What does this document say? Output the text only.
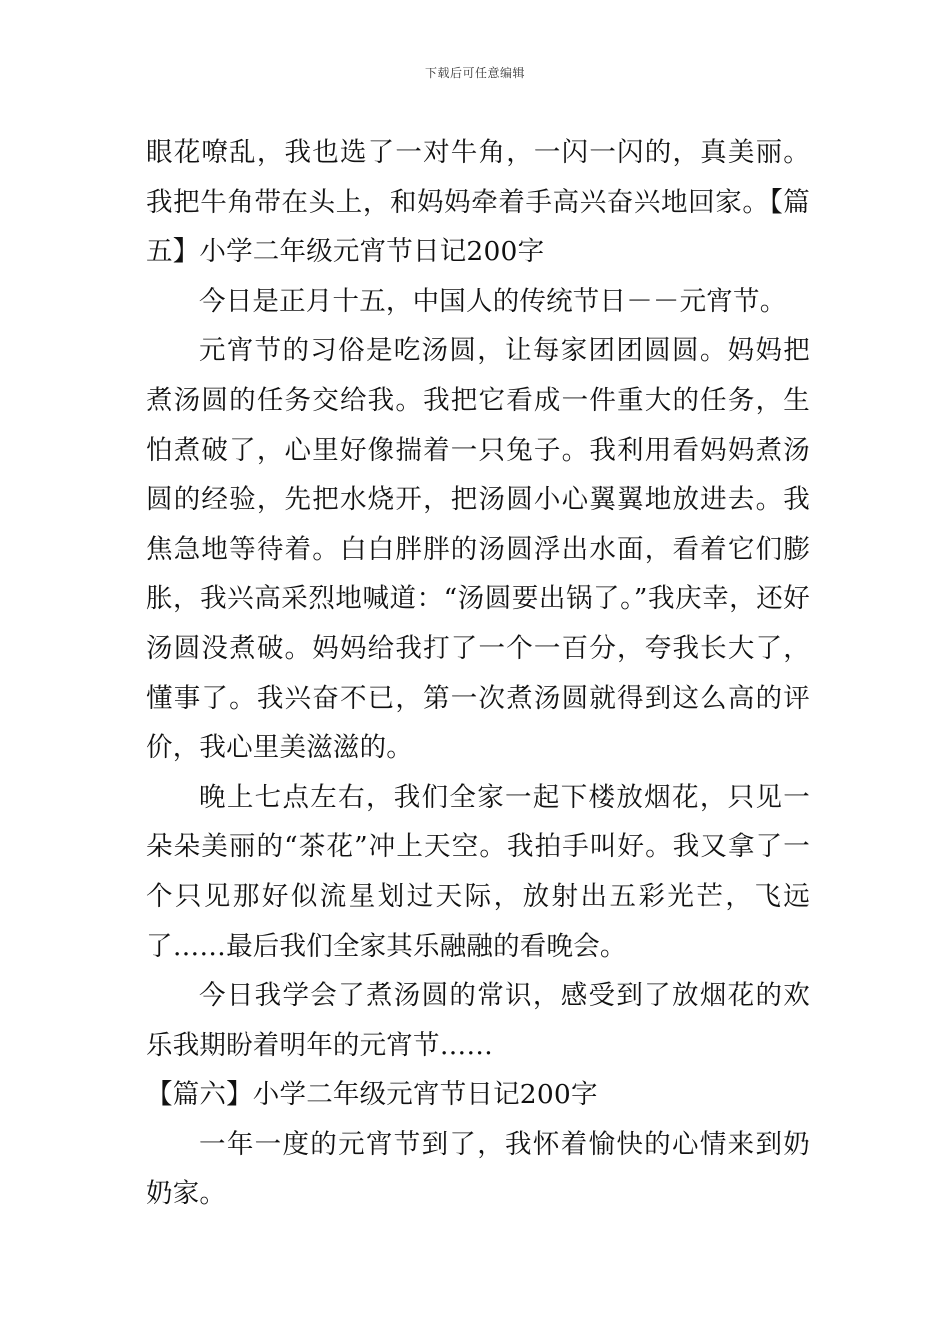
下载后可任意编辑

眼花嘹乱，我也选了一对牛角，一闪一闪的，真美丽。我把牛角带在头上，和妈妈牵着手高兴奋兴地回家。【篇五】小学二年级元宵节日记200字

今日是正月十五，中国人的传统节日－－元宵节。

元宵节的习俗是吃汤圆，让每家团团圆圆。妈妈把煮汤圆的任务交给我。我把它看成一件重大的任务，生怕煮破了，心里好像揣着一只兔子。我利用看妈妈煮汤圆的经验，先把水烧开，把汤圆小心翼翼地放进去。我焦急地等待着。白白胖胖的汤圆浮出水面，看着它们膨胀，我兴高采烈地喊道：“汤圆要出锅了。”我庆幸，还好汤圆没煮破。妈妈给我打了一个一百分，夸我长大了，懂事了。我兴奋不已，第一次煮汤圆就得到这么高的评价，我心里美滋滋的。

晚上七点左右，我们全家一起下楼放烟花，只见一朵朵美丽的“茶花”冲上天空。我拍手叫好。我又拿了一个只见那好似流星划过天际，放射出五彩光芒，飞远了……最后我们全家其乐融融的看晚会。

今日我学会了煮汤圆的常识，感受到了放烟花的欢乐我期盼着明年的元宵节……

【篇六】小学二年级元宵节日记200字

一年一度的元宵节到了，我怀着愉快的心情来到奶奶家。
